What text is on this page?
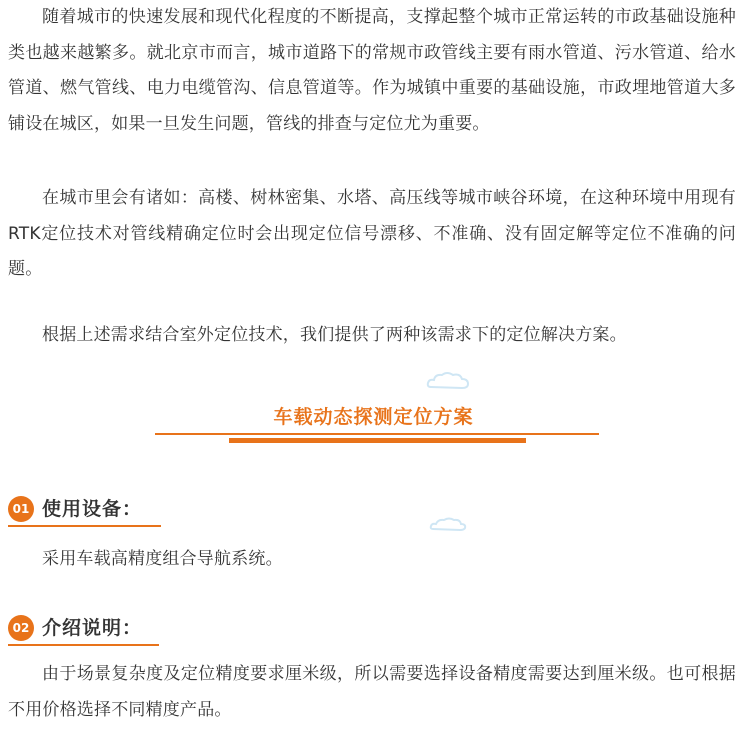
随着城市的快速发展和现代化程度的不断提高，支撑起整个城市正常运转的市政基础设施种类也越来越繁多。就北京市而言，城市道路下的常规市政管线主要有雨水管道、污水管道、给水管道、燃气管线、电力电缆管沟、信息管道等。作为城镇中重要的基础设施，市政埋地管道大多铺设在城区，如果一旦发生问题，管线的排查与定位尤为重要。

在城市里会有诸如：高楼、树林密集、水塔、高压线等城市峡谷环境，在这种环境中用现有RTK定位技术对管线精确定位时会出现定位信号漂移、不准确、没有固定解等定位不准确的问题。

根据上述需求结合室外定位技术，我们提供了两种该需求下的定位解决方案。

车载动态探测定位方案
01 使用设备：

采用车载高精度组合导航系统。

02 介绍说明：

由于场景复杂度及定位精度要求厘米级，所以需要选择设备精度需要达到厘米级。也可根据不用价格选择不同精度产品。
